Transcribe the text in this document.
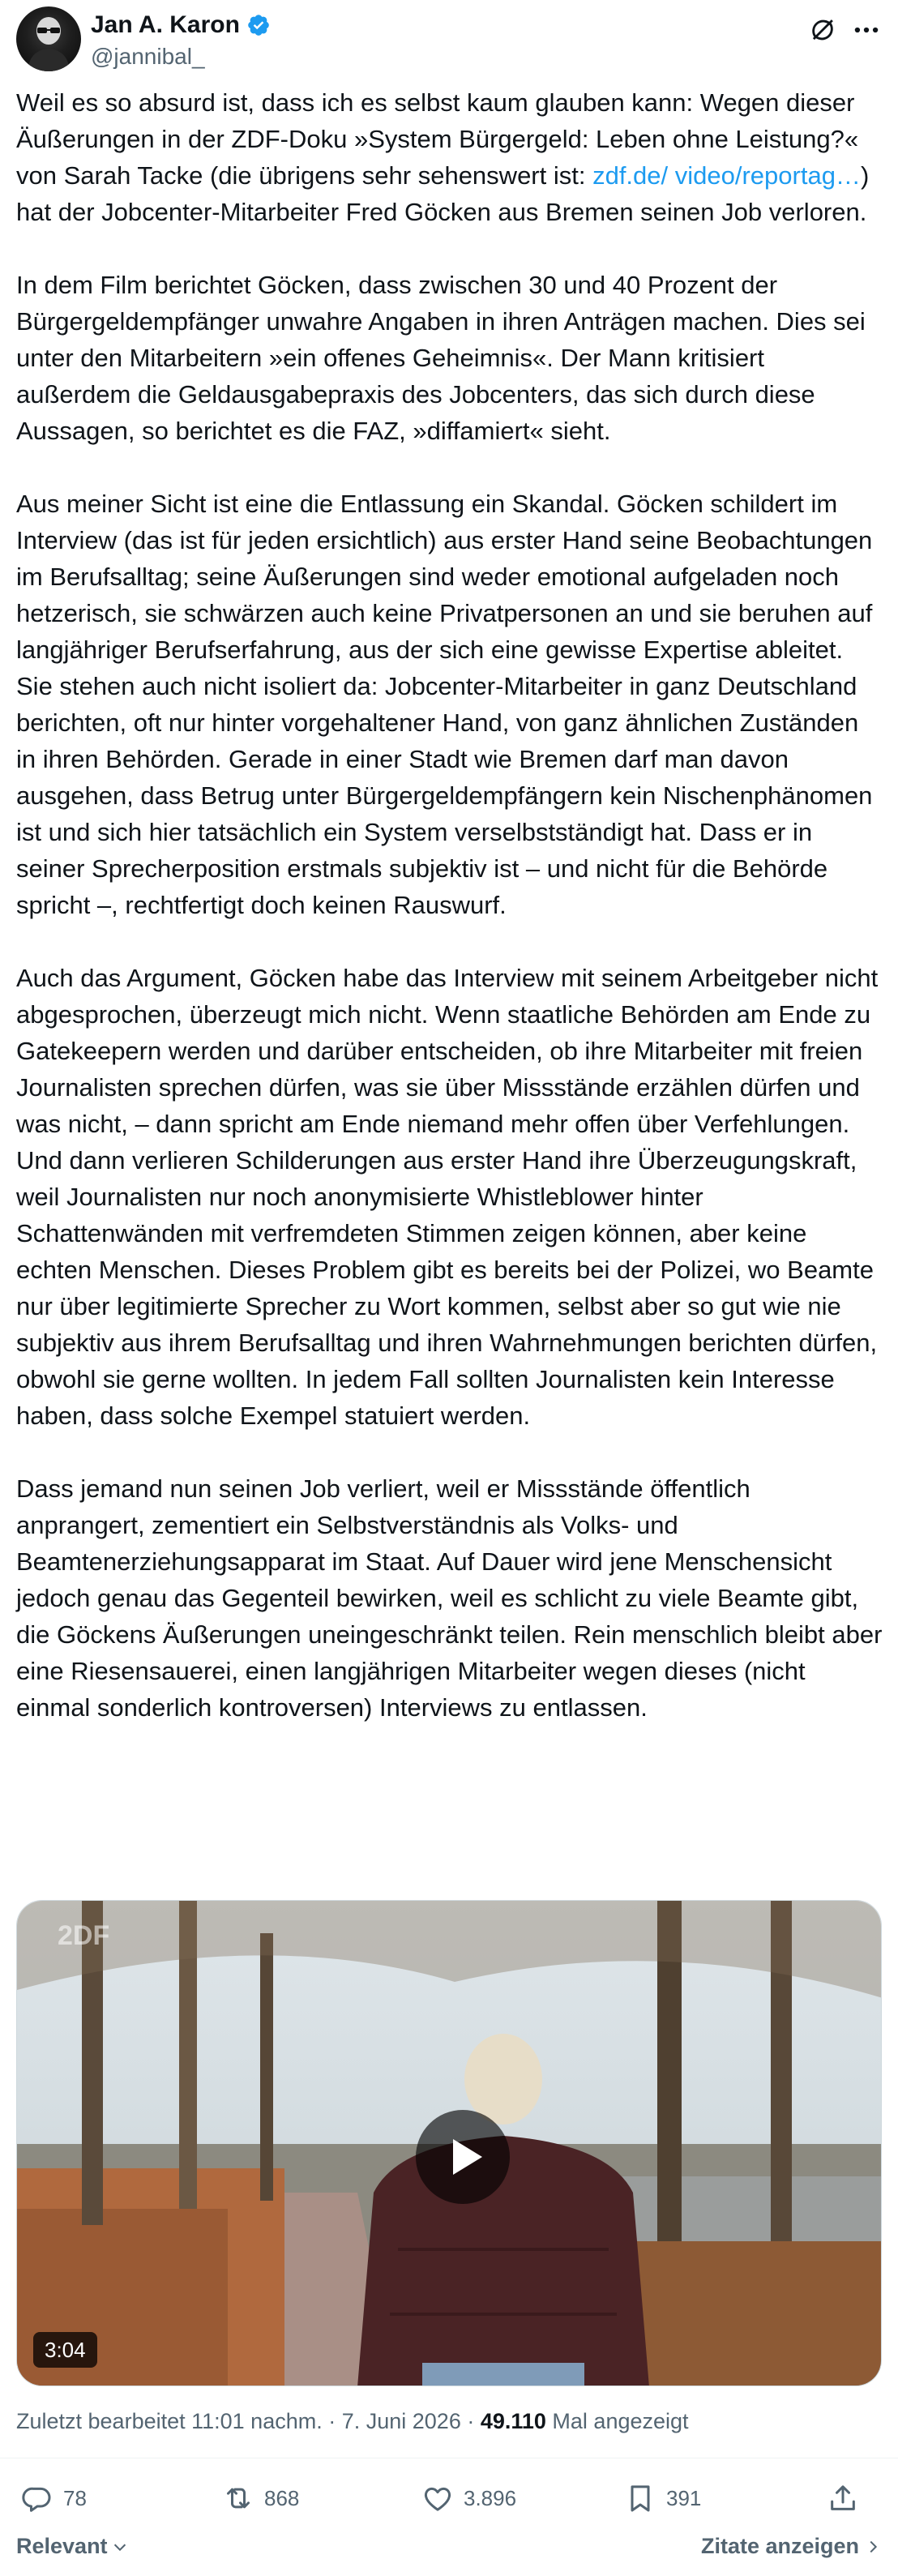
Jan A. Karon
@jannibal_

Weil es so absurd ist, dass ich es selbst kaum glauben kann: Wegen dieser Äußerungen in der ZDF-Doku »System Bürgergeld: Leben ohne Leistung?« von Sarah Tacke (die übrigens sehr sehenswert ist: zdf.de/ video/reportag…) hat der Jobcenter-Mitarbeiter Fred Göcken aus Bremen seinen Job verloren.

In dem Film berichtet Göcken, dass zwischen 30 und 40 Prozent der Bürgergeldempfänger unwahre Angaben in ihren Anträgen machen. Dies sei unter den Mitarbeitern »ein offenes Geheimnis«. Der Mann kritisiert außerdem die Geldausgabepraxis des Jobcenters, das sich durch diese Aussagen, so berichtet es die FAZ, »diffamiert« sieht.

Aus meiner Sicht ist eine die Entlassung ein Skandal. Göcken schildert im Interview (das ist für jeden ersichtlich) aus erster Hand seine Beobachtungen im Berufsalltag; seine Äußerungen sind weder emotional aufgeladen noch hetzerisch, sie schwärzen auch keine Privatpersonen an und sie beruhen auf langjähriger Berufserfahrung, aus der sich eine gewisse Expertise ableitet. Sie stehen auch nicht isoliert da: Jobcenter-Mitarbeiter in ganz Deutschland berichten, oft nur hinter vorgehaltener Hand, von ganz ähnlichen Zuständen in ihren Behörden. Gerade in einer Stadt wie Bremen darf man davon ausgehen, dass Betrug unter Bürgergeldempfängern kein Nischenphänomen ist und sich hier tatsächlich ein System verselbstständigt hat. Dass er in seiner Sprecherposition erstmals subjektiv ist – und nicht für die Behörde spricht –, rechtfertigt doch keinen Rauswurf.

Auch das Argument, Göcken habe das Interview mit seinem Arbeitgeber nicht abgesprochen, überzeugt mich nicht. Wenn staatliche Behörden am Ende zu Gatekeepern werden und darüber entscheiden, ob ihre Mitarbeiter mit freien Journalisten sprechen dürfen, was sie über Missstände erzählen dürfen und was nicht, – dann spricht am Ende niemand mehr offen über Verfehlungen. Und dann verlieren Schilderungen aus erster Hand ihre Überzeugungskraft, weil Journalisten nur noch anonymisierte Whistleblower hinter Schattenwänden mit verfremdeten Stimmen zeigen können, aber keine echten Menschen. Dieses Problem gibt es bereits bei der Polizei, wo Beamte nur über legitimierte Sprecher zu Wort kommen, selbst aber so gut wie nie subjektiv aus ihrem Berufsalltag und ihren Wahrnehmungen berichten dürfen, obwohl sie gerne wollten. In jedem Fall sollten Journalisten kein Interesse haben, dass solche Exempel statuiert werden.

Dass jemand nun seinen Job verliert, weil er Missstände öffentlich anprangert, zementiert ein Selbstverständnis als Volks- und Beamtenerziehungsapparat im Staat. Auf Dauer wird jene Menschensicht jedoch genau das Gegenteil bewirken, weil es schlicht zu viele Beamte gibt, die Göckens Äußerungen uneingeschränkt teilen. Rein menschlich bleibt aber eine Riesensauerei, einen langjährigen Mitarbeiter wegen dieses (nicht einmal sonderlich kontroversen) Interviews zu entlassen.

2DF
3:04
Zuletzt bearbeitet 11:01 nachm. · 7. Juni 2026 · 49.110 Mal angezeigt
78	868	3.896	391
Relevant	Zitate anzeigen
